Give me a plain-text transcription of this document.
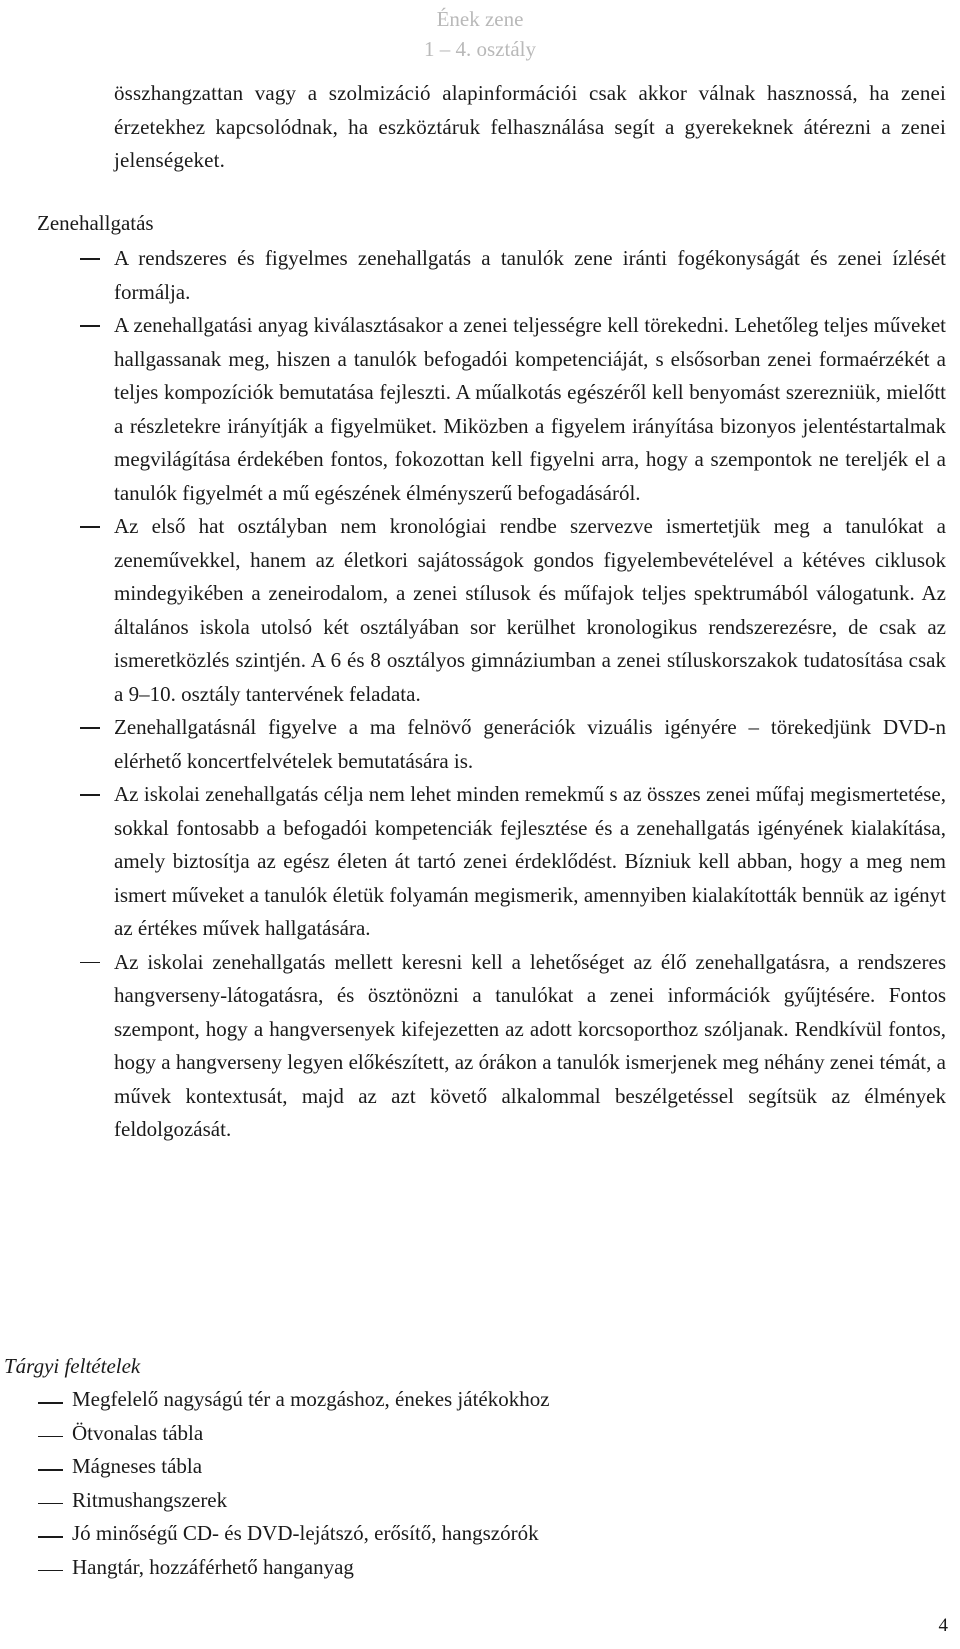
Ének zene
1 – 4. osztály
összhangzattan vagy a szolmizáció alapinformációi csak akkor válnak hasznossá, ha zenei érzetekhez kapcsolódnak, ha eszköztáruk felhasználása segít a gyerekeknek átérezni a zenei jelenségeket.
Zenehallgatás
A rendszeres és figyelmes zenehallgatás a tanulók zene iránti fogékonyságát és zenei ízlését formálja.
A zenehallgatási anyag kiválasztásakor a zenei teljességre kell törekedni. Lehetőleg teljes műveket hallgassanak meg, hiszen a tanulók befogadói kompetenciáját, s elsősorban zenei formaérzékét a teljes kompozíciók bemutatása fejleszti. A műalkotás egészéről kell benyomást szerezniük, mielőtt a részletekre irányítják a figyelmüket. Miközben a figyelem irányítása bizonyos jelentéstartalmak megvilágítása érdekében fontos, fokozottan kell figyelni arra, hogy a szempontok ne tereljék el a tanulók figyelmét a mű egészének élményszerű befogadásáról.
Az első hat osztályban nem kronológiai rendbe szervezve ismertetjük meg a tanulókat a zeneművekkel, hanem az életkori sajátosságok gondos figyelembevételével a kétéves ciklusok mindegyikében a zeneirodalom, a zenei stílusok és műfajok teljes spektrumából válogatunk. Az általános iskola utolsó két osztályában sor kerülhet kronologikus rendszerezésre, de csak az ismeretközlés szintjén. A 6 és 8 osztályos gimnáziumban a zenei stíluskorszakok tudatosítása csak a 9–10. osztály tantervének feladata.
Zenehallgatásnál figyelve a ma felnövő generációk vizuális igényére – törekedjünk DVD-n elérhető koncertfelvételek bemutatására is.
Az iskolai zenehallgatás célja nem lehet minden remekmű s az összes zenei műfaj megismertetése, sokkal fontosabb a befogadói kompetenciák fejlesztése és a zenehallgatás igényének kialakítása, amely biztosítja az egész életen át tartó zenei érdeklődést. Bízniuk kell abban, hogy a meg nem ismert műveket a tanulók életük folyamán megismerik, amennyiben kialakították bennük az igényt az értékes művek hallgatására.
Az iskolai zenehallgatás mellett keresni kell a lehetőséget az élő zenehallgatásra, a rendszeres hangverseny-látogatásra, és ösztönözni a tanulókat a zenei információk gyűjtésére. Fontos szempont, hogy a hangversenyek kifejezetten az adott korcsoporthoz szóljanak. Rendkívül fontos, hogy a hangverseny legyen előkészített, az órákon a tanulók ismerjenek meg néhány zenei témát, a művek kontextusát, majd az azt követő alkalommal beszélgetéssel segítsük az élmények feldolgozását.
Tárgyi feltételek
Megfelelő nagyságú tér a mozgáshoz, énekes játékokhoz
Ötvonalas tábla
Mágneses tábla
Ritmushangszerek
Jó minőségű CD- és DVD-lejátszó, erősítő, hangszórók
Hangtár, hozzáférhető hanganyag
4
